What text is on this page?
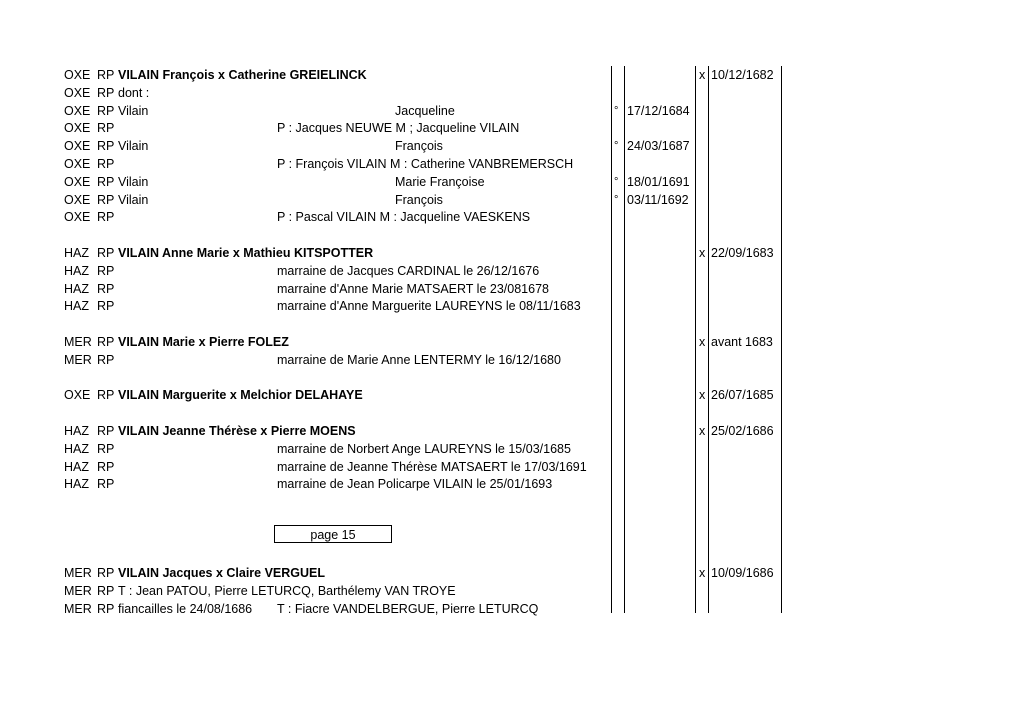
OXE RP VILAIN François x Catherine GREIELINCK	x 10/12/1682
OXE RP dont :
OXE RP Vilain	Jacqueline	° 17/12/1684
OXE RP	P : Jacques NEUWE M ; Jacqueline VILAIN
OXE RP Vilain	François	° 24/03/1687
OXE RP	P : François VILAIN M : Catherine VANBREMERSCH
OXE RP Vilain	Marie Françoise	° 18/01/1691
OXE RP Vilain	François	° 03/11/1692
OXE RP	P : Pascal VILAIN M : Jacqueline VAESKENS
HAZ RP VILAIN Anne Marie x Mathieu KITSPOTTER	x 22/09/1683
HAZ RP	marraine de Jacques CARDINAL le 26/12/1676
HAZ RP	marraine d'Anne Marie MATSAERT le 23/081678
HAZ RP	marraine d'Anne Marguerite LAUREYNS le 08/11/1683
MER RP VILAIN Marie x Pierre FOLEZ	x avant 1683
MER RP	marraine de Marie Anne LENTERMY le 16/12/1680
OXE RP VILAIN Marguerite x Melchior DELAHAYE	x 26/07/1685
HAZ RP VILAIN Jeanne Thérèse x Pierre MOENS	x 25/02/1686
HAZ RP	marraine de Norbert Ange LAUREYNS le 15/03/1685
HAZ RP	marraine de Jeanne Thérèse MATSAERT le 17/03/1691
HAZ RP	marraine de Jean Policarpe VILAIN le 25/01/1693
MER RP VILAIN Jacques x Claire VERGUEL	x 10/09/1686
MER RP T : Jean PATOU, Pierre LETURCQ, Barthélemy VAN TROYE
MER RP fiancailles le 24/08/1686 T : Fiacre VANDELBERGUE, Pierre LETURCQ
page 15
